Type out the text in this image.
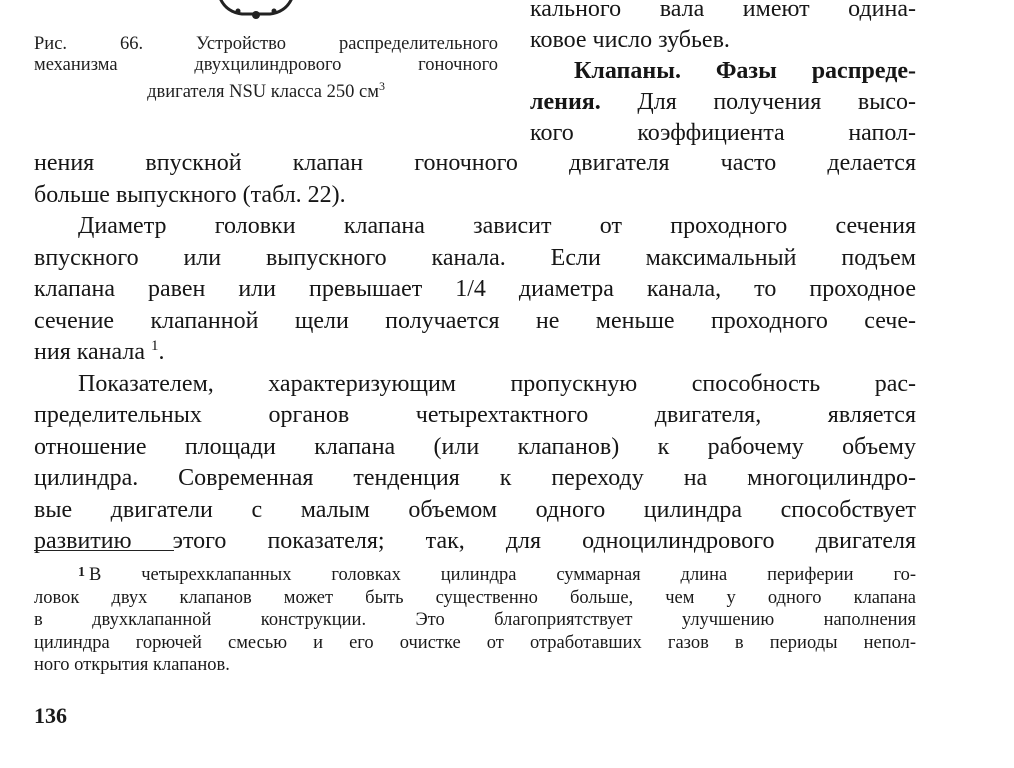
Рис. 66. Устройство распределительного
механизма двухцилиндрового гоночного
двигателя NSU класса 250 $см^3$
кального вала имеют одина-
ковое число зубьев.
Клапаны. Фазы распреде-
ления. Для получения высо-
кого коэффициента напол-
нения впускной клапан гоночного двигателя часто делается
больше выпускного (табл. 22).
Диаметр головки клапана зависит от проходного сечения
впускного или выпускного канала. Если максимальный подъем
клапана равен или превышает 1/4 диаметра канала, то проходное
сечение клапанной щели получается не меньше проходного сече-
ния канала $^1$.
Показателем, характеризующим пропускную способность рас-
пределительных органов четырехтактного двигателя, является
отношение площади клапана (или клапанов) к рабочему объему
цилиндра. Современная тенденция к переходу на многоцилиндро-
вые двигатели с малым объемом одного цилиндра способствует
развитию этого показателя; так, для одноцилиндрового двигателя
$^1$ В четырехклапанных головках цилиндра суммарная длина периферии го-
ловок двух клапанов может быть существенно больше, чем у одного клапана
в двухклапанной конструкции. Это благоприятствует улучшению наполнения
цилиндра горючей смесью и его очистке от отработавших газов в периоды непол-
ного открытия клапанов.
136
